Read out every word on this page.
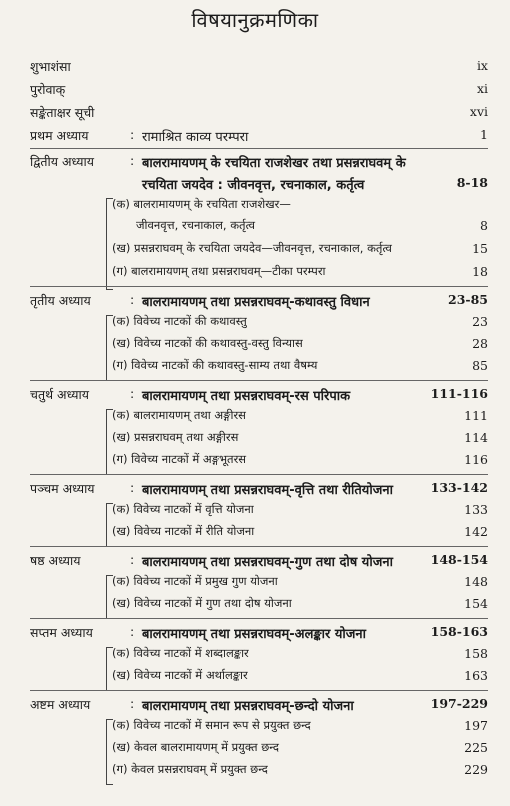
विषयानुक्रमणिका
शुभाशंसा	ix
पुरोवाक्	xi
सङ्केताक्षर सूची	xvi
प्रथम अध्याय	: रामाश्रित काव्य परम्परा	1
द्वितीय अध्याय	: बालरामायणम् के रचयिता राजशेखर तथा प्रसन्नराघवम् के
रचयिता जयदेव : जीवनवृत्त, रचनाकाल, कर्तृत्व	8-18
(क) बालरामायणम् के रचयिता राजशेखर—
जीवनवृत्त, रचनाकाल, कर्तृत्व	8
(ख) प्रसन्नराघवम् के रचयिता जयदेव—जीवनवृत्त, रचनाकाल, कर्तृत्व	15
(ग) बालरामायणम् तथा प्रसन्नराघवम्—टीका परम्परा	18
तृतीय अध्याय	: बालरामायणम् तथा प्रसन्नराघवम्-कथावस्तु विधान	23-85
(क) विवेच्य नाटकों की कथावस्तु	23
(ख) विवेच्य नाटकों की कथावस्तु-वस्तु विन्यास	28
(ग) विवेच्य नाटकों की कथावस्तु-साम्य तथा वैषम्य	85
चतुर्थ अध्याय	: बालरामायणम् तथा प्रसन्नराघवम्-रस परिपाक	111-116
(क) बालरामायणम् तथा अङ्गीरस	111
(ख) प्रसन्नराघवम् तथा अङ्गीरस	114
(ग) विवेच्य नाटकों में अङ्गभूतरस	116
पञ्चम अध्याय	: बालरामायणम् तथा प्रसन्नराघवम्-वृत्ति तथा रीतियोजना	133-142
(क) विवेच्य नाटकों में वृत्ति योजना	133
(ख) विवेच्य नाटकों में रीति योजना	142
षष्ठ अध्याय	: बालरामायणम् तथा प्रसन्नराघवम्-गुण तथा दोष योजना	148-154
(क) विवेच्य नाटकों में प्रमुख गुण योजना	148
(ख) विवेच्य नाटकों में गुण तथा दोष योजना	154
सप्तम अध्याय	: बालरामायणम् तथा प्रसन्नराघवम्-अलङ्कार योजना	158-163
(क) विवेच्य नाटकों में शब्दालङ्कार	158
(ख) विवेच्य नाटकों में अर्थालङ्कार	163
अष्टम अध्याय	: बालरामायणम् तथा प्रसन्नराघवम्-छन्दो योजना	197-229
(क) विवेच्य नाटकों में समान रूप से प्रयुक्त छन्द	197
(ख) केवल बालरामायणम् में प्रयुक्त छन्द	225
(ग) केवल प्रसन्नराघवम् में प्रयुक्त छन्द	229
